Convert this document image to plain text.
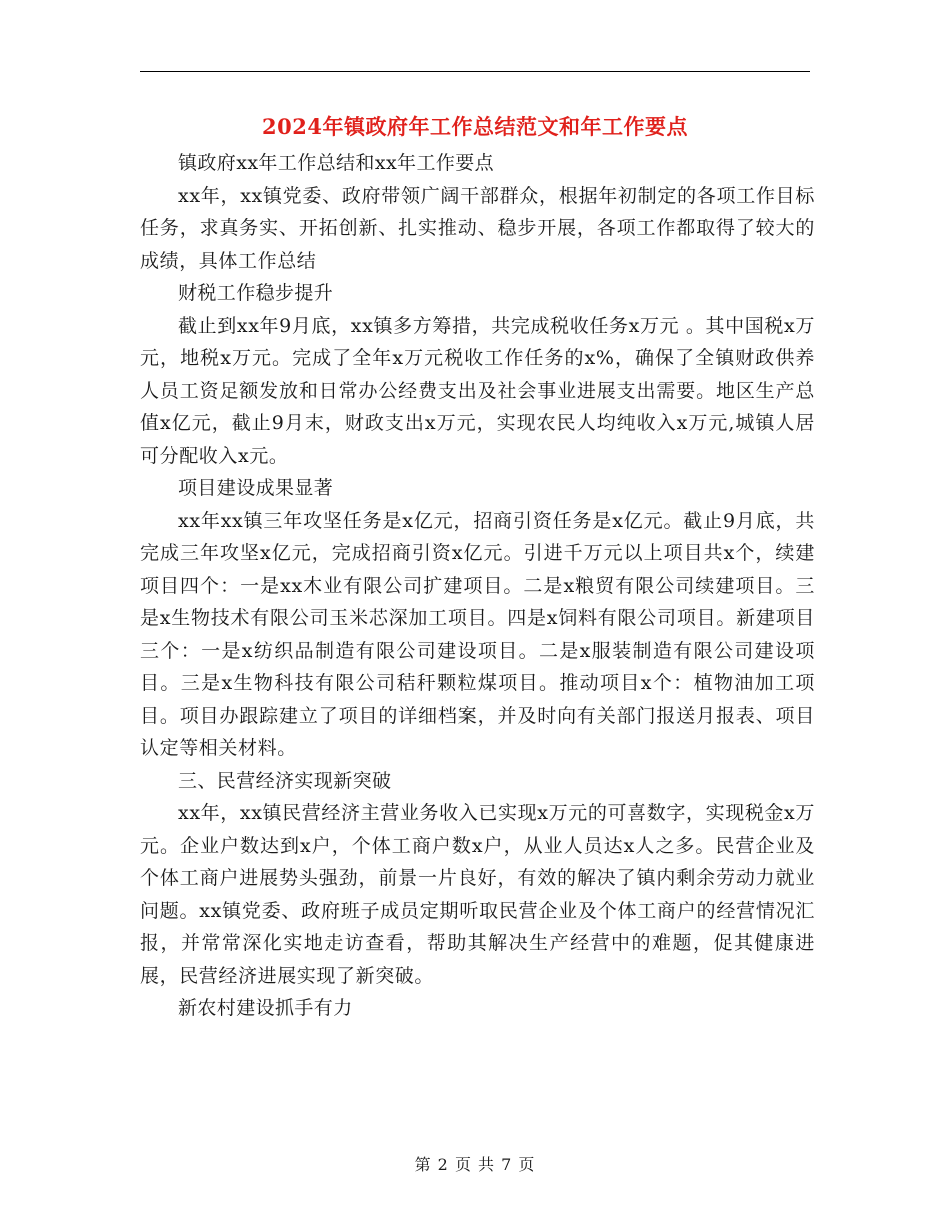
2024年镇政府年工作总结范文和年工作要点

镇政府xx年工作总结和xx年工作要点

xx年，xx镇党委、政府带领广阔干部群众，根据年初制定的各项工作目标任务，求真务实、开拓创新、扎实推动、稳步开展，各项工作都取得了较大的成绩，具体工作总结

财税工作稳步提升

截止到xx年9月底，xx镇多方筹措，共完成税收任务x万元 。其中国税x万元，地税x万元。完成了全年x万元税收工作任务的x%，确保了全镇财政供养人员工资足额发放和日常办公经费支出及社会事业进展支出需要。地区生产总值x亿元，截止9月末，财政支出x万元，实现农民人均纯收入x万元,城镇人居可分配收入x元。

项目建设成果显著

xx年xx镇三年攻坚任务是x亿元，招商引资任务是x亿元。截止9月底，共完成三年攻坚x亿元，完成招商引资x亿元。引进千万元以上项目共x个，续建项目四个：一是xx木业有限公司扩建项目。二是x粮贸有限公司续建项目。三是x生物技术有限公司玉米芯深加工项目。四是x饲料有限公司项目。新建项目三个：一是x纺织品制造有限公司建设项目。二是x服装制造有限公司建设项目。三是x生物科技有限公司秸秆颗粒煤项目。推动项目x个：植物油加工项目。项目办跟踪建立了项目的详细档案，并及时向有关部门报送月报表、项目认定等相关材料。

三、民营经济实现新突破

xx年，xx镇民营经济主营业务收入已实现x万元的可喜数字，实现税金x万元。企业户数达到x户，个体工商户数x户，从业人员达x人之多。民营企业及个体工商户进展势头强劲，前景一片良好，有效的解决了镇内剩余劳动力就业问题。xx镇党委、政府班子成员定期听取民营企业及个体工商户的经营情况汇报，并常常深化实地走访查看，帮助其解决生产经营中的难题，促其健康进展，民营经济进展实现了新突破。

新农村建设抓手有力

第 2 页 共 7 页
